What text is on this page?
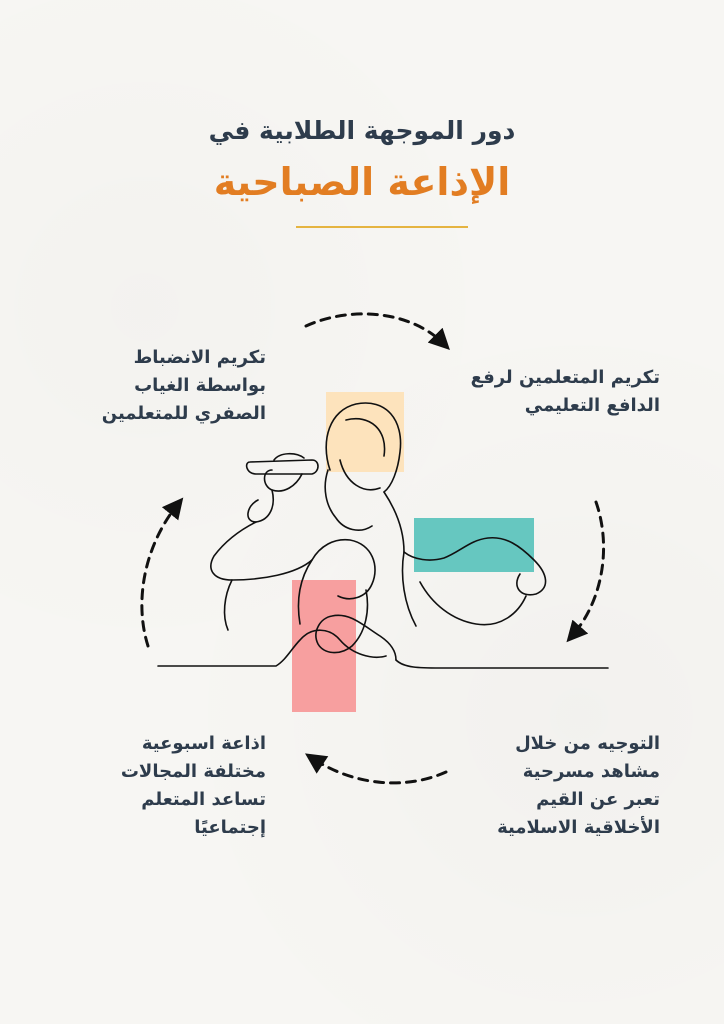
دور الموجهة الطلابية في
الإذاعة الصباحية
تكريم الانضباط
بواسطة الغياب
الصفري للمتعلمين
تكريم المتعلمين لرفع
الدافع التعليمي
اذاعة اسبوعية
مختلفة المجالات
تساعد المتعلم
إجتماعيًا
التوجيه من خلال
مشاهد مسرحية
تعبر عن القيم
الأخلاقية الاسلامية
